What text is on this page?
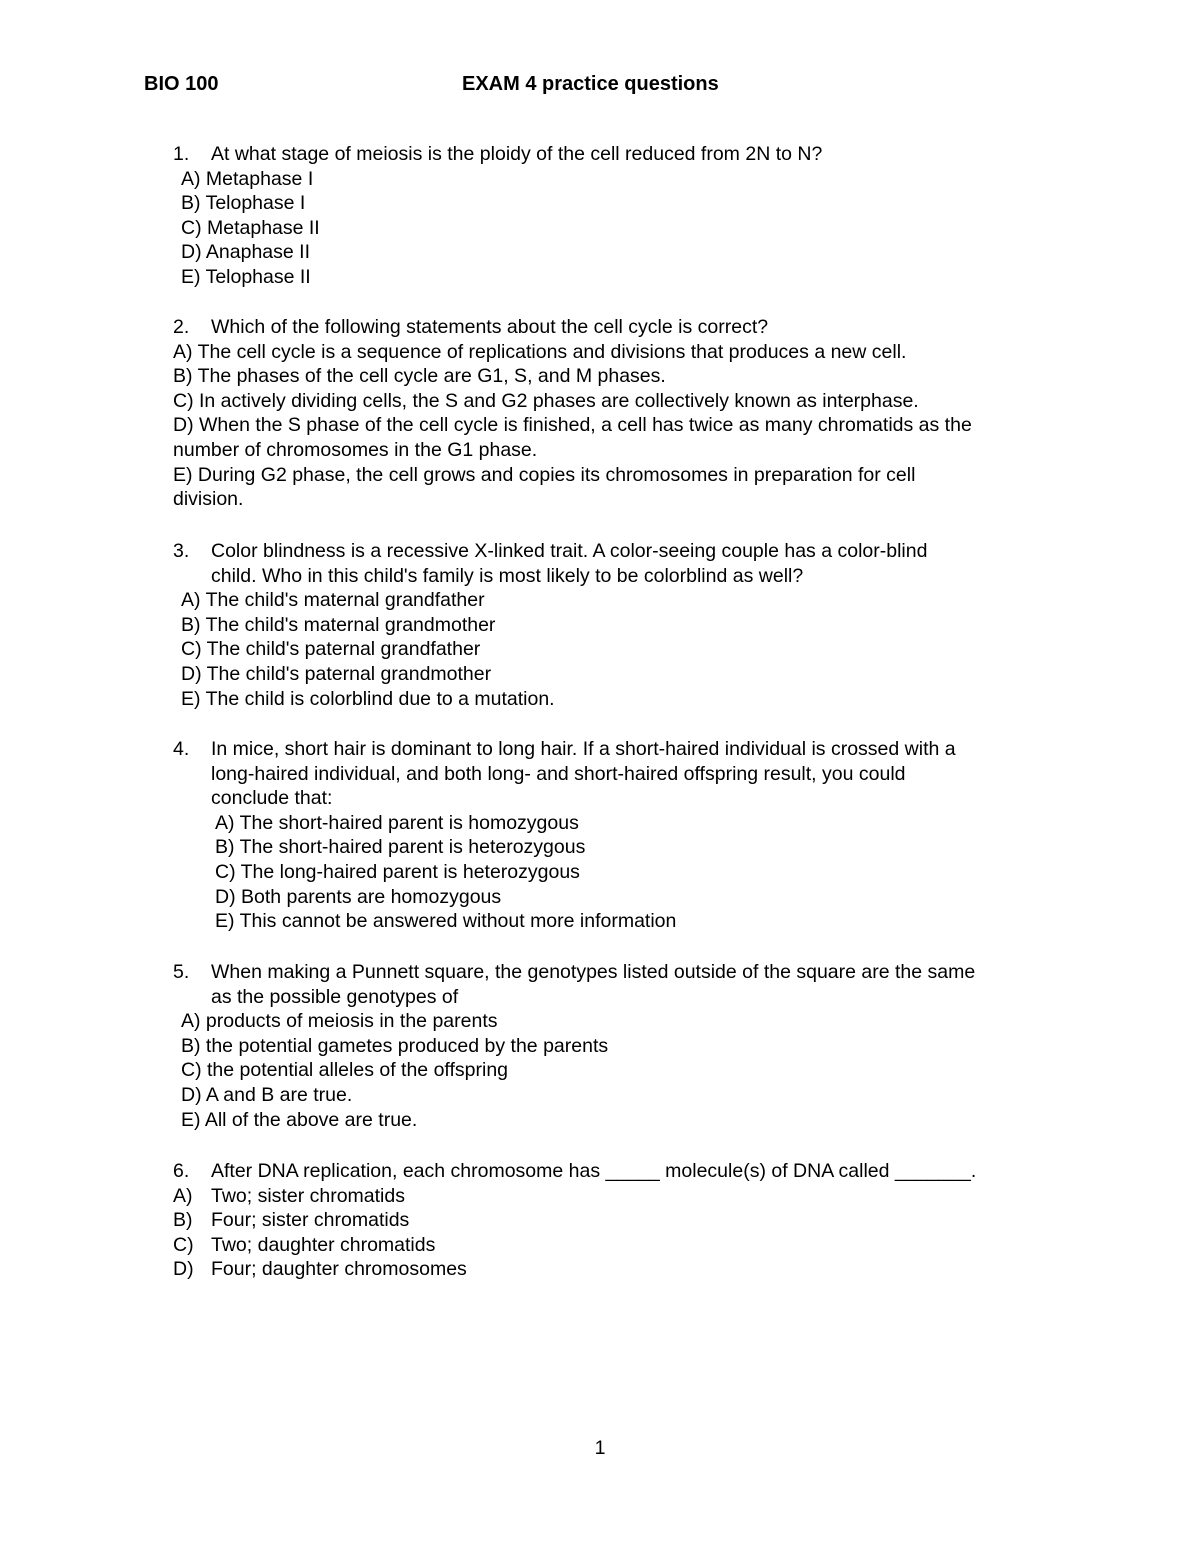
BIO 100	EXAM 4 practice questions
1. At what stage of meiosis is the ploidy of the cell reduced from 2N to N?
A) Metaphase I
B) Telophase I
C) Metaphase II
D) Anaphase II
E) Telophase II
2. Which of the following statements about the cell cycle is correct?
A) The cell cycle is a sequence of replications and divisions that produces a new cell.
B) The phases of the cell cycle are G1, S, and M phases.
C) In actively dividing cells, the S and G2 phases are collectively known as interphase.
D) When the S phase of the cell cycle is finished, a cell has twice as many chromatids as the
number of chromosomes in the G1 phase.
E) During G2 phase, the cell grows and copies its chromosomes in preparation for cell
division.
3. Color blindness is a recessive X-linked trait. A color-seeing couple has a color-blind
child. Who in this child's family is most likely to be colorblind as well?
A) The child's maternal grandfather
B) The child's maternal grandmother
C) The child's paternal grandfather
D) The child's paternal grandmother
E) The child is colorblind due to a mutation.
4. In mice, short hair is dominant to long hair. If a short-haired individual is crossed with a
long-haired individual, and both long- and short-haired offspring result, you could
conclude that:
A) The short-haired parent is homozygous
B) The short-haired parent is heterozygous
C) The long-haired parent is heterozygous
D) Both parents are homozygous
E) This cannot be answered without more information
5. When making a Punnett square, the genotypes listed outside of the square are the same
as the possible genotypes of
A) products of meiosis in the parents
B) the potential gametes produced by the parents
C) the potential alleles of the offspring
D) A and B are true.
E) All of the above are true.
6. After DNA replication, each chromosome has _____ molecule(s) of DNA called _______.
A) Two; sister chromatids
B) Four; sister chromatids
C) Two; daughter chromatids
D) Four; daughter chromosomes
1
